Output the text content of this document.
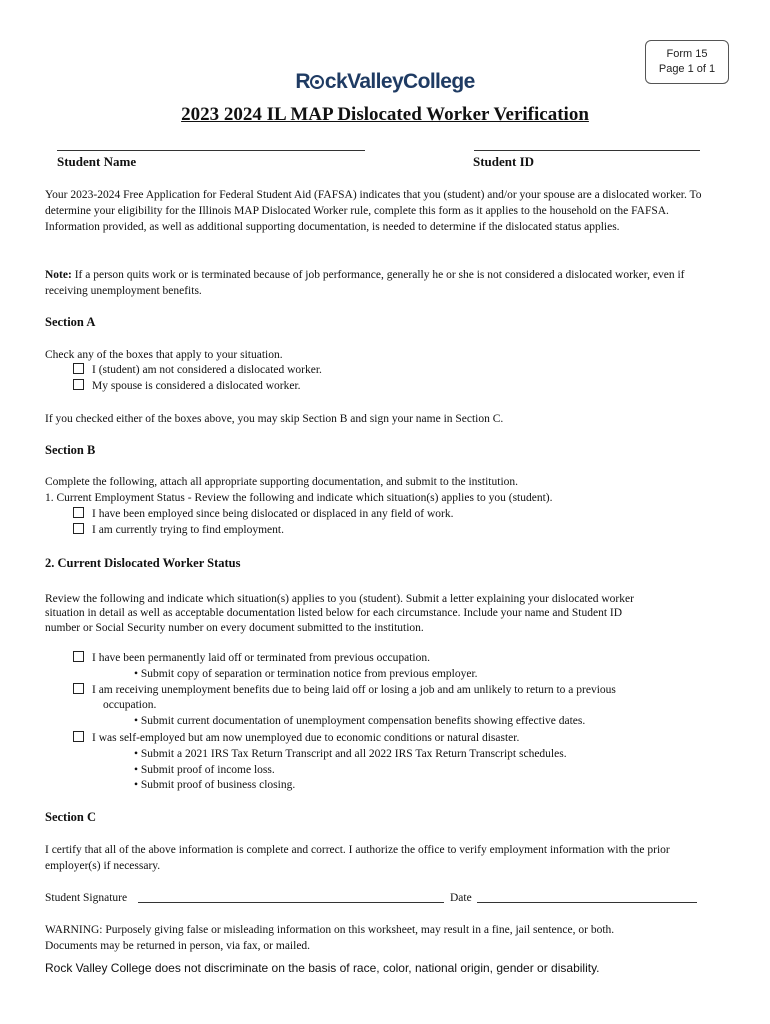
Form 15
Page 1 of 1
R ckValleyCollege
2023 2024 IL MAP Dislocated Worker Verification
Student Name	Student ID

Your 2023-2024 Free Application for Federal Student Aid (FAFSA) indicates that you (student) and/or your spouse are a dislocated worker. To determine your eligibility for the Illinois MAP Dislocated Worker rule, complete this form as it applies to the household on the FAFSA. Information provided, as well as additional supporting documentation, is needed to determine if the dislocated status applies.

Note: If a person quits work or is terminated because of job performance, generally he or she is not considered a dislocated worker, even if receiving unemployment benefits.

Section A
Check any of the boxes that apply to your situation.
I (student) am not considered a dislocated worker.
My spouse is considered a dislocated worker.
If you checked either of the boxes above, you may skip Section B and sign your name in Section C.
Section B
Complete the following, attach all appropriate supporting documentation, and submit to the institution.
1. Current Employment Status - Review the following and indicate which situation(s) applies to you (student).
I have been employed since being dislocated or displaced in any field of work.
I am currently trying to find employment.
2. Current Dislocated Worker Status
Review the following and indicate which situation(s) applies to you (student). Submit a letter explaining your dislocated worker
situation in detail as well as acceptable documentation listed below for each circumstance. Include your name and Student ID
number or Social Security number on every document submitted to the institution.
I have been permanently laid off or terminated from previous occupation.
• Submit copy of separation or termination notice from previous employer.
I am receiving unemployment benefits due to being laid off or losing a job and am unlikely to return to a previous
occupation.
• Submit current documentation of unemployment compensation benefits showing effective dates.
I was self-employed but am now unemployed due to economic conditions or natural disaster.
• Submit a 2021 IRS Tax Return Transcript and all 2022 IRS Tax Return Transcript schedules.
• Submit proof of income loss.
• Submit proof of business closing.
Section C

I certify that all of the above information is complete and correct. I authorize the office to verify employment information with the prior employer(s) if necessary.

Student Signature	Date
WARNING: Purposely giving false or misleading information on this worksheet, may result in a fine, jail sentence, or both.
Documents may be returned in person, via fax, or mailed.
Rock Valley College does not discriminate on the basis of race, color, national origin, gender or disability.
